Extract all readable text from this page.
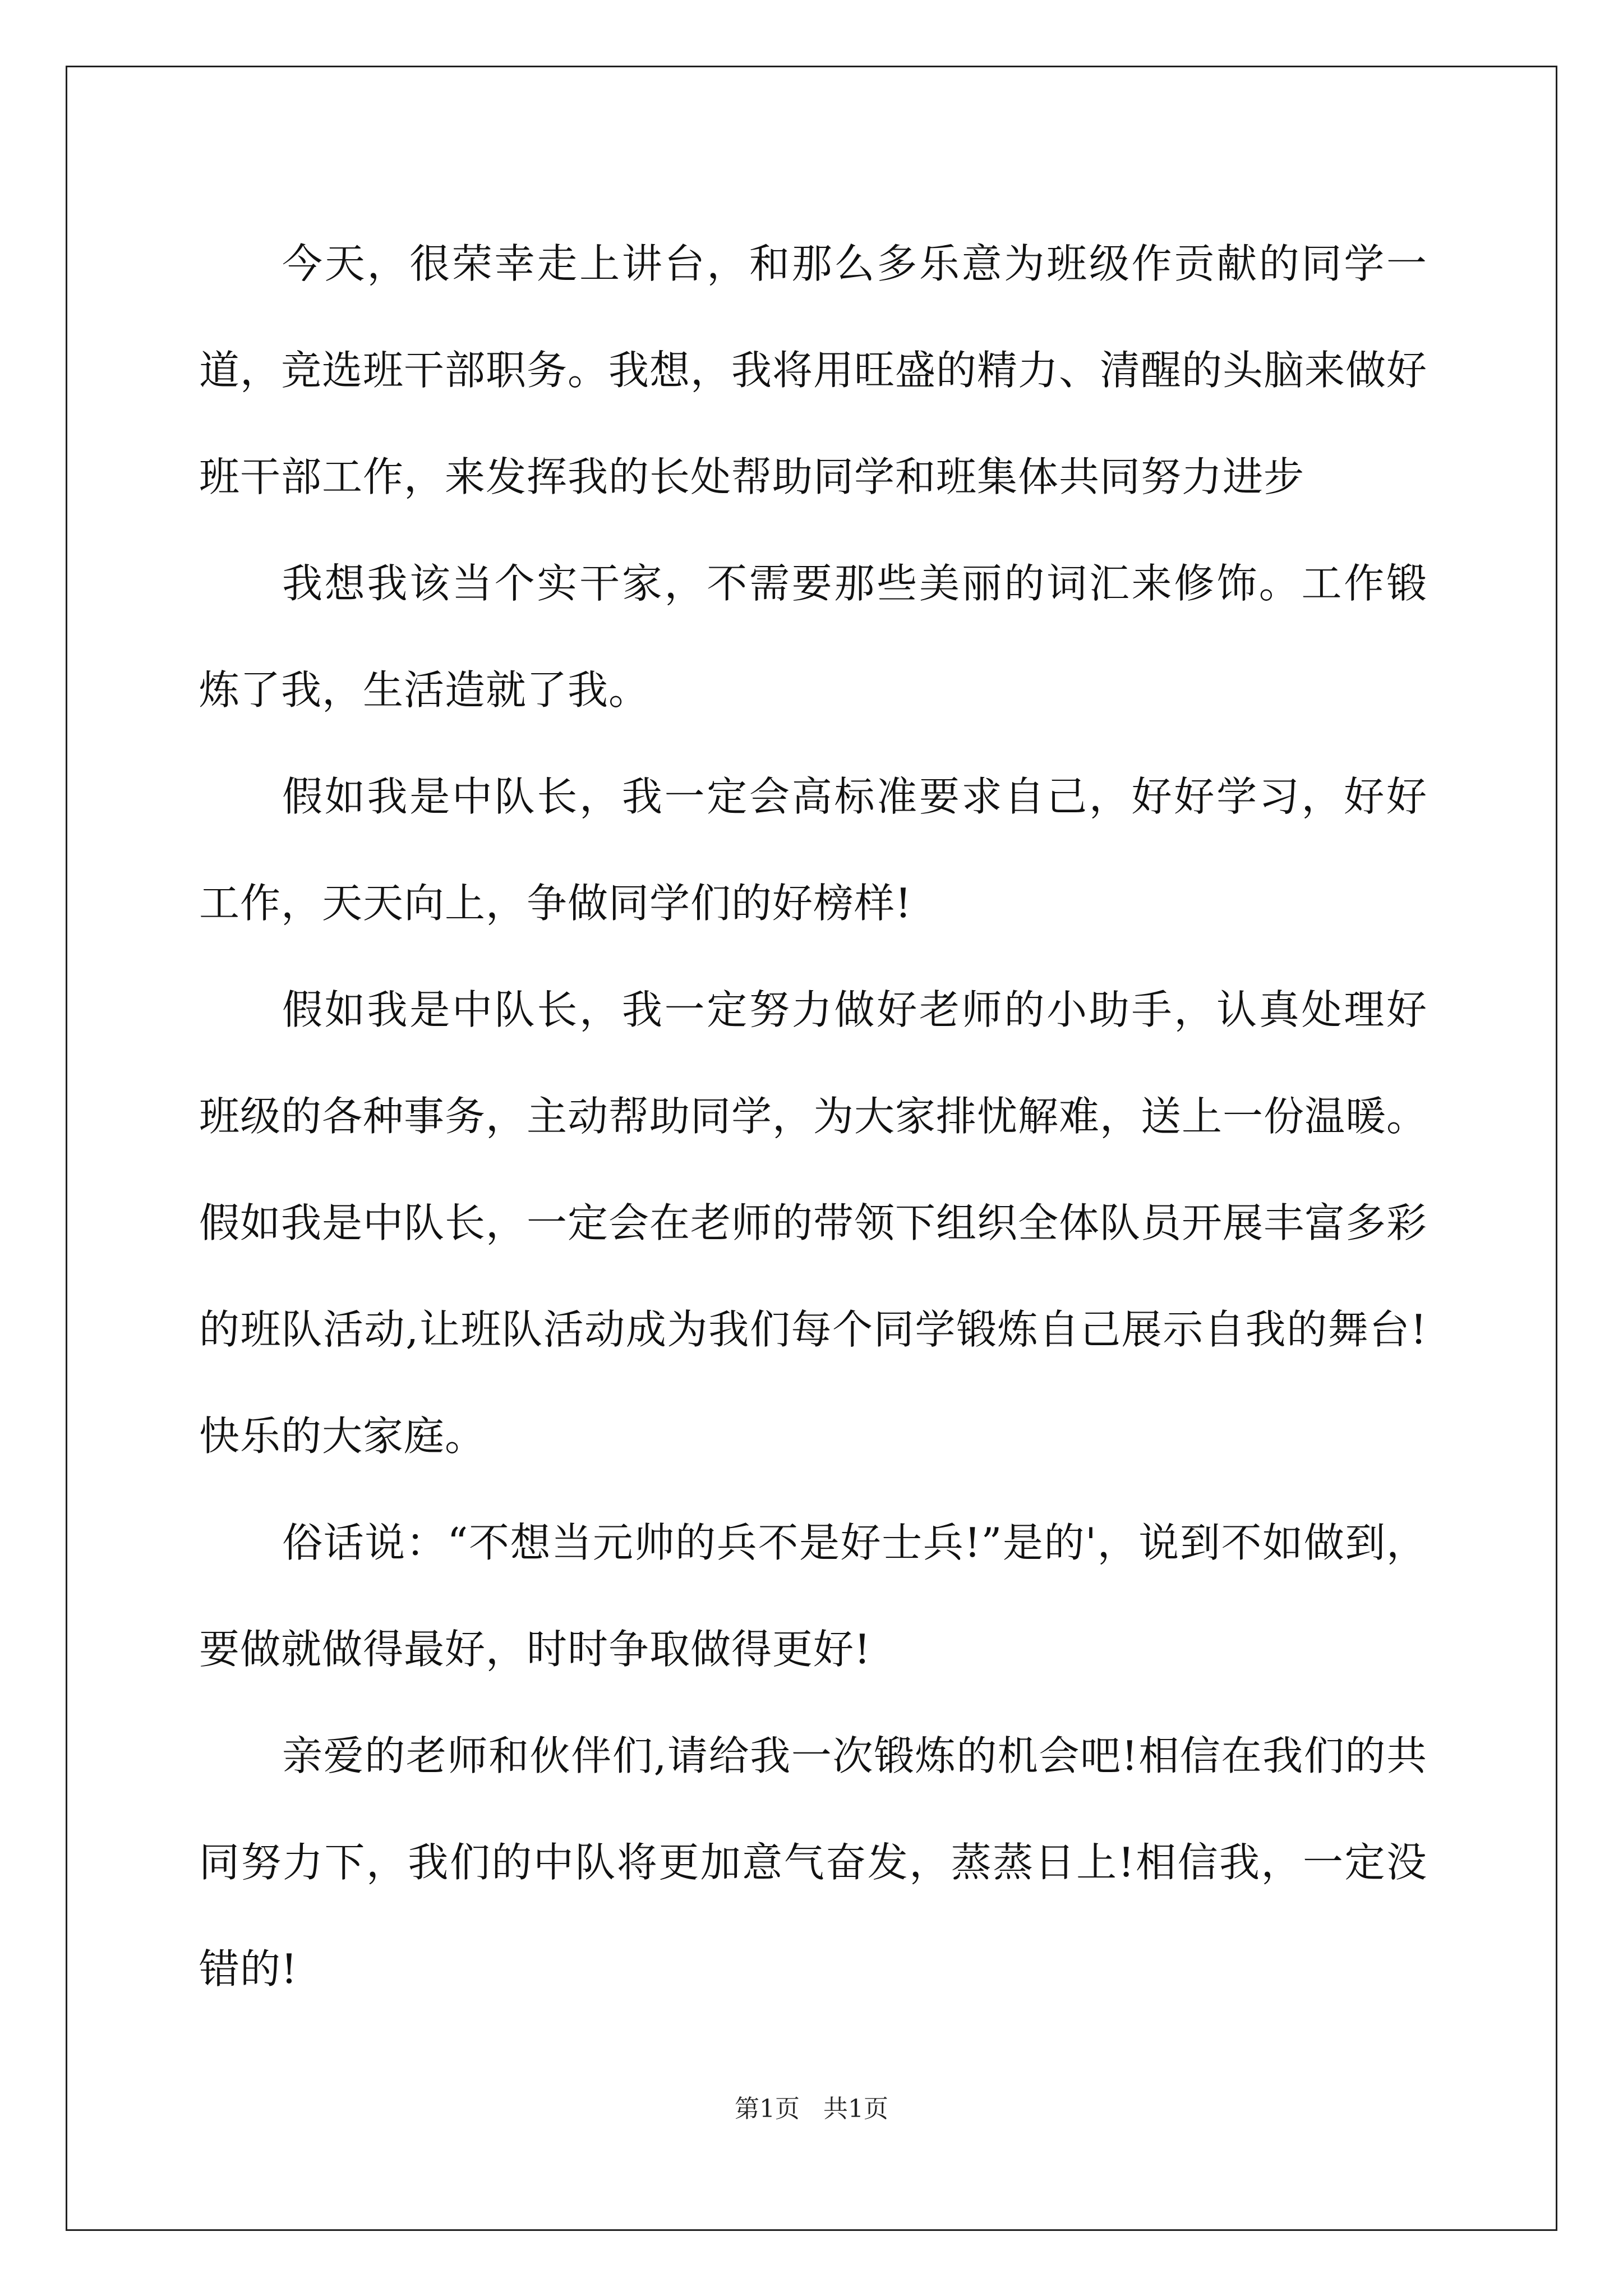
今天，很荣幸走上讲台，和那么多乐意为班级作贡献的同学一道，竞选班干部职务。我想，我将用旺盛的精力、清醒的头脑来做好班干部工作，来发挥我的长处帮助同学和班集体共同努力进步

我想我该当个实干家，不需要那些美丽的词汇来修饰。工作锻炼了我，生活造就了我。

假如我是中队长，我一定会高标准要求自己，好好学习，好好工作，天天向上，争做同学们的好榜样!

假如我是中队长，我一定努力做好老师的小助手，认真处理好班级的各种事务，主动帮助同学，为大家排忧解难，送上一份温暖。 假如我是中队长，一定会在老师的带领下组织全体队员开展丰富多彩的班队活动,让班队活动成为我们每个同学锻炼自己展示自我的舞台!快乐的大家庭。

俗话说：“不想当元帅的兵不是好士兵!”是的'，说到不如做到，要做就做得最好，时时争取做得更好!

亲爱的老师和伙伴们,请给我一次锻炼的机会吧!相信在我们的共同努力下，我们的中队将更加意气奋发，蒸蒸日上!相信我，一定没错的!

第1页   共1页
